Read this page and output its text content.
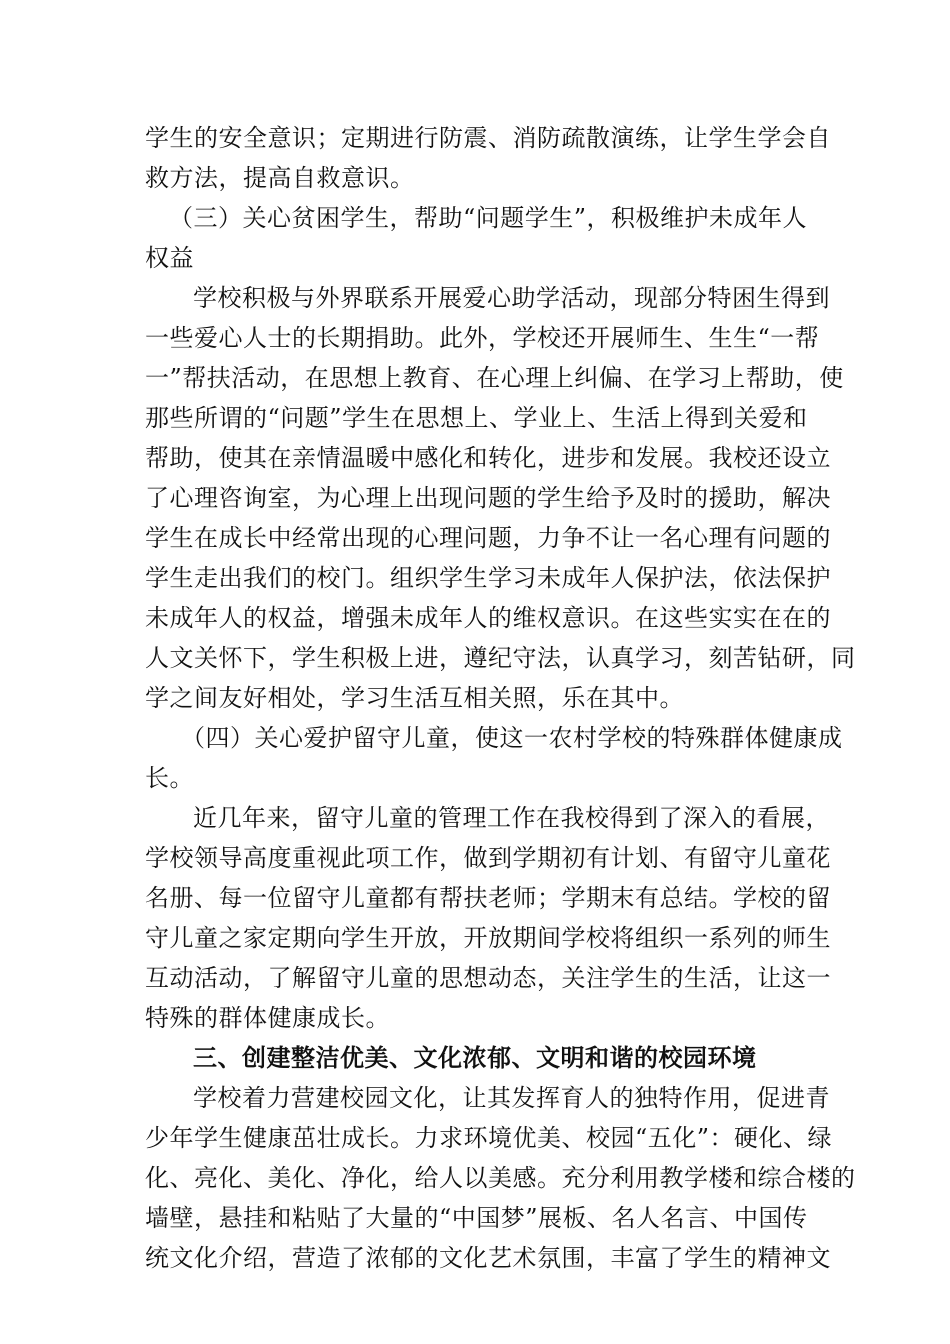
学生的安全意识；定期进行防震、消防疏散演练，让学生学会自
救方法，提高自救意识。
（三）关心贫困学生，帮助“问题学生”，积极维护未成年人
权益
学校积极与外界联系开展爱心助学活动，现部分特困生得到
一些爱心人士的长期捐助。此外，学校还开展师生、生生“一帮
一”帮扶活动，在思想上教育、在心理上纠偏、在学习上帮助，使
那些所谓的“问题”学生在思想上、学业上、生活上得到关爱和
帮助，使其在亲情温暖中感化和转化，进步和发展。我校还设立
了心理咨询室，为心理上出现问题的学生给予及时的援助，解决
学生在成长中经常出现的心理问题，力争不让一名心理有问题的
学生走出我们的校门。组织学生学习未成年人保护法，依法保护
未成年人的权益，增强未成年人的维权意识。在这些实实在在的
人文关怀下，学生积极上进，遵纪守法，认真学习，刻苦钻研，同
学之间友好相处，学习生活互相关照，乐在其中。
（四）关心爱护留守儿童，使这一农村学校的特殊群体健康成
长。
近几年来，留守儿童的管理工作在我校得到了深入的看展，
学校领导高度重视此项工作，做到学期初有计划、有留守儿童花
名册、每一位留守儿童都有帮扶老师；学期末有总结。学校的留
守儿童之家定期向学生开放，开放期间学校将组织一系列的师生
互动活动，了解留守儿童的思想动态，关注学生的生活，让这一
特殊的群体健康成长。
三、创建整洁优美、文化浓郁、文明和谐的校园环境
学校着力营建校园文化，让其发挥育人的独特作用，促进青
少年学生健康茁壮成长。力求环境优美、校园“五化”：硬化、绿
化、亮化、美化、净化，给人以美感。充分利用教学楼和综合楼的
墙壁，悬挂和粘贴了大量的“中国梦”展板、名人名言、中国传
统文化介绍，营造了浓郁的文化艺术氛围，丰富了学生的精神文
